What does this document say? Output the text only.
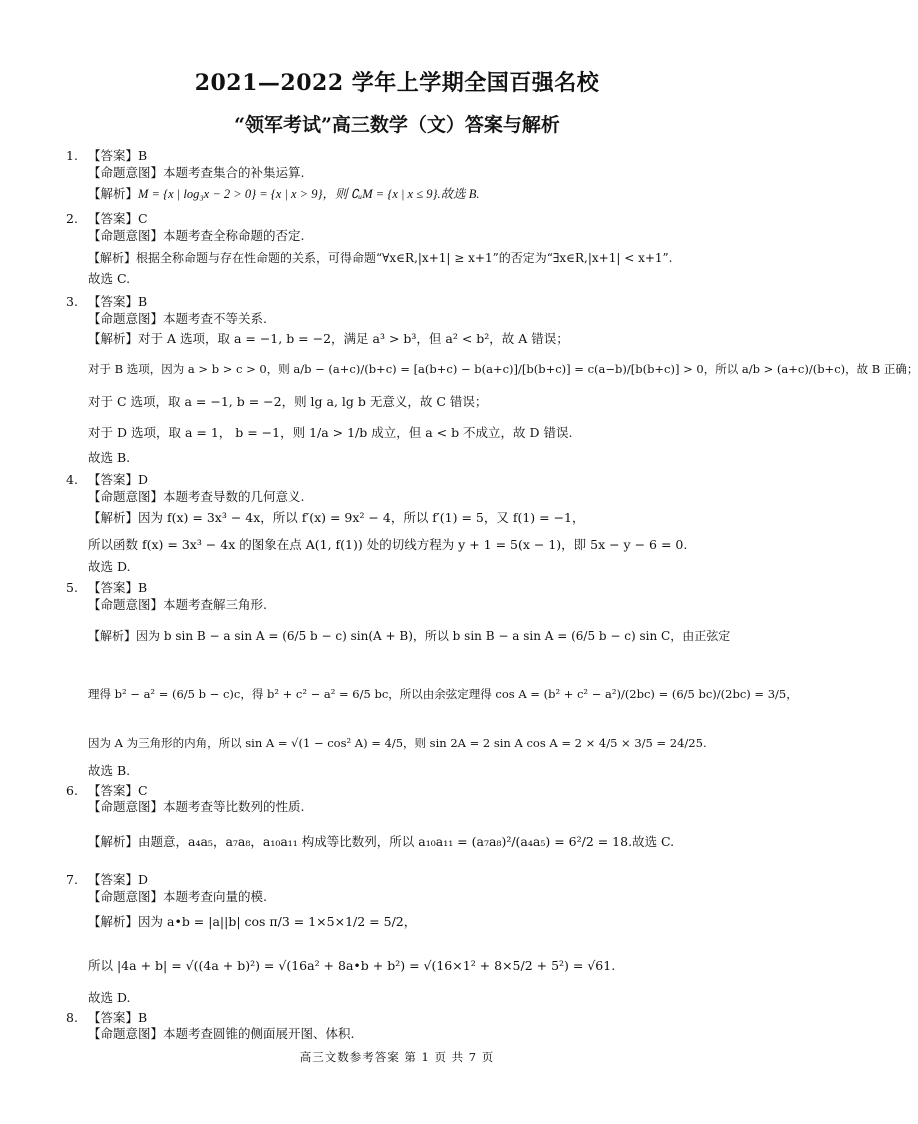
2021—2022 学年上学期全国百强名校
“领军考试”高三数学（文）答案与解析
1. 【答案】B
【命题意图】本题考查集合的补集运算.
【解析】M = {x | log₃x − 2 > 0} = {x | x > 9}，则 ∁ᵤM = {x | x ≤ 9}.故选 B.
2. 【答案】C
【命题意图】本题考查全称命题的否定.
【解析】根据全称命题与存在性命题的关系，可得命题“∀x∈R,|x+1| ≥ x+1”的否定为“∃x∈R,|x+1| < x+1”.
故选 C.
3. 【答案】B
【命题意图】本题考查不等关系.
【解析】对于 A 选项，取 a = −1, b = −2，满足 a³ > b³，但 a² < b²，故 A 错误；
对于 B 选项，因为 a > b > c > 0，则 a/b − (a+c)/(b+c) = [a(b+c) − b(a+c)]/[b(b+c)] = c(a−b)/[b(b+c)] > 0，所以 a/b > (a+c)/(b+c)，故 B 正确；
对于 C 选项，取 a = −1, b = −2，则 lg a, lg b 无意义，故 C 错误；
对于 D 选项，取 a = 1， b = −1，则 1/a > 1/b 成立，但 a < b 不成立，故 D 错误.
故选 B.
4. 【答案】D
【命题意图】本题考查导数的几何意义.
【解析】因为 f(x) = 3x³ − 4x，所以 f′(x) = 9x² − 4，所以 f′(1) = 5，又 f(1) = −1，
所以函数 f(x) = 3x³ − 4x 的图象在点 A(1, f(1)) 处的切线方程为 y + 1 = 5(x − 1)，即 5x − y − 6 = 0.
故选 D.
5. 【答案】B
【命题意图】本题考查解三角形.
【解析】因为 b sin B − a sin A = (6/5 b − c) sin(A + B)，所以 b sin B − a sin A = (6/5 b − c) sin C，由正弦定
理得 b² − a² = (6/5 b − c)c，得 b² + c² − a² = 6/5 bc，所以由余弦定理得 cos A = (b² + c² − a²)/(2bc) = (6/5 bc)/(2bc) = 3/5，
因为 A 为三角形的内角，所以 sin A = √(1 − cos² A) = 4/5，则 sin 2A = 2 sin A cos A = 2 × 4/5 × 3/5 = 24/25.
故选 B.
6. 【答案】C
【命题意图】本题考查等比数列的性质.
【解析】由题意，a₄a₅，a₇a₈，a₁₀a₁₁ 构成等比数列，所以 a₁₀a₁₁ = (a₇a₈)²/(a₄a₅) = 6²/2 = 18.故选 C.
7. 【答案】D
【命题意图】本题考查向量的模.
【解析】因为 a•b = |a||b| cos π/3 = 1×5×1/2 = 5/2，
所以 |4a + b| = √((4a + b)²) = √(16a² + 8a•b + b²) = √(16×1² + 8×5/2 + 5²) = √61.
故选 D.
8. 【答案】B
【命题意图】本题考查圆锥的侧面展开图、体积.
高三文数参考答案 第 1 页 共 7 页
